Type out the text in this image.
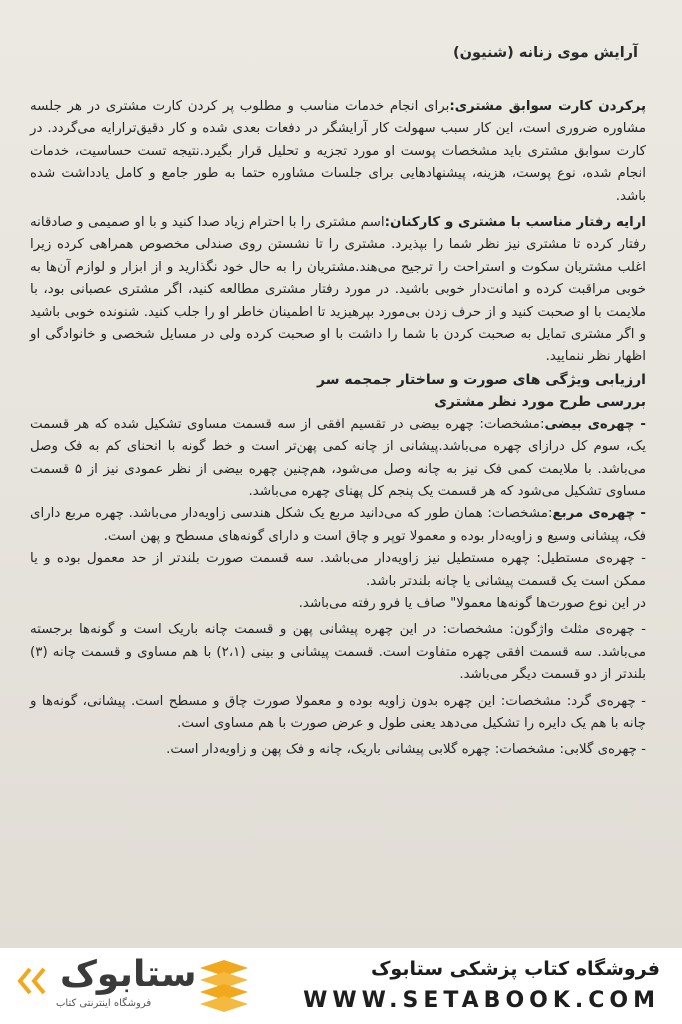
آرایش موی زنانه (شنیون)

پرکردن کارت سوابق مشتری:برای انجام خدمات مناسب و مطلوب پر کردن کارت مشتری در هر جلسه مشاوره ضروری است، این کار سبب سهولت کار آرایشگر در دفعات بعدی شده و کار دقیق‌ترارایه می‌گردد. در کارت سوابق مشتری باید مشخصات پوست او مورد تجزیه و تحلیل قرار بگیرد.نتیجه تست حساسیت، خدمات انجام شده، نوع پوست، هزینه، پیشنهادهایی برای جلسات مشاوره حتما به طور جامع و کامل یادداشت شده باشد.

ارایه رفتار مناسب با مشتری و کارکنان:اسم مشتری را با احترام زیاد صدا کنید و با او صمیمی و صادقانه رفتار کرده تا مشتری نیز نظر شما را بپذیرد. مشتری را تا نشستن روی صندلی مخصوص همراهی کرده زیرا اغلب مشتریان سکوت و استراحت را ترجیح می‌هند.مشتریان را به حال خود نگذارید و از ابزار و لوازم آن‌ها به خوبی مراقبت کرده و امانت‌دار خوبی باشید. در مورد رفتار مشتری مطالعه کنید، اگر مشتری عصبانی بود، با ملایمت با او صحبت کنید و از حرف زدن بی‌مورد بپرهیزید تا اطمینان خاطر او را جلب کنید. شنونده خوبی باشید و اگر مشتری تمایل به صحبت کردن با شما را داشت با او صحبت کرده ولی در مسایل شخصی و خانوادگی او اظهار نظر ننمایید.

ارزیابی ویژگی های صورت و ساختار جمجمه سر

بررسی طرح مورد نظر مشتری

- چهره‌ی بیضی:مشخصات: چهره بیضی در تقسیم افقی از سه قسمت مساوی تشکیل شده که هر قسمت یک، سوم کل درازای چهره می‌باشد.پیشانی از چانه کمی پهن‌تر است و خط گونه با انحنای کم به فک وصل می‌باشد. با ملایمت کمی فک نیز به چانه وصل می‌شود، هم‌چنین چهره بیضی از نظر عمودی نیز از ۵ قسمت مساوی تشکیل می‌شود که هر قسمت یک پنجم کل پهنای چهره می‌باشد.

- چهره‌ی مربع:مشخصات: همان طور که می‌دانید مربع یک شکل هندسی زاویه‌دار می‌باشد. چهره مربع دارای فک، پیشانی وسیع و زاویه‌دار بوده و معمولا توپر و چاق است و دارای گونه‌های مسطح و پهن است.

- چهره‌ی مستطیل: چهره مستطیل نیز زاویه‌دار می‌باشد. سه قسمت صورت بلندتر از حد معمول بوده و یا ممکن است یک قسمت پیشانی یا چانه بلندتر باشد.

در این نوع صورت‌ها گونه‌ها معمولا" صاف یا فرو رفته می‌باشد.

- چهره‌ی مثلث واژگون: مشخصات: در این چهره پیشانی پهن و قسمت چانه باریک است و گونه‌ها برجسته می‌باشد. سه قسمت افقی چهره متفاوت است. قسمت پیشانی و بینی (۲،۱) با هم مساوی و قسمت چانه (۳) بلندتر از دو قسمت دیگر می‌باشد.

- چهره‌ی گرد: مشخصات: این چهره بدون زاویه بوده و معمولا صورت چاق و مسطح است. پیشانی، گونه‌ها و چانه با هم یک دایره را تشکیل می‌دهد یعنی طول و عرض صورت با هم مساوی است.

- چهره‌ی گلابی: مشخصات: چهره گلابی پیشانی باریک، چانه و فک پهن و زاویه‌دار است.

ستابوک
فروشگاه اینترنتی کتاب
فروشگاه کتاب پزشکی ستابوک
WWW.SETABOOK.COM
